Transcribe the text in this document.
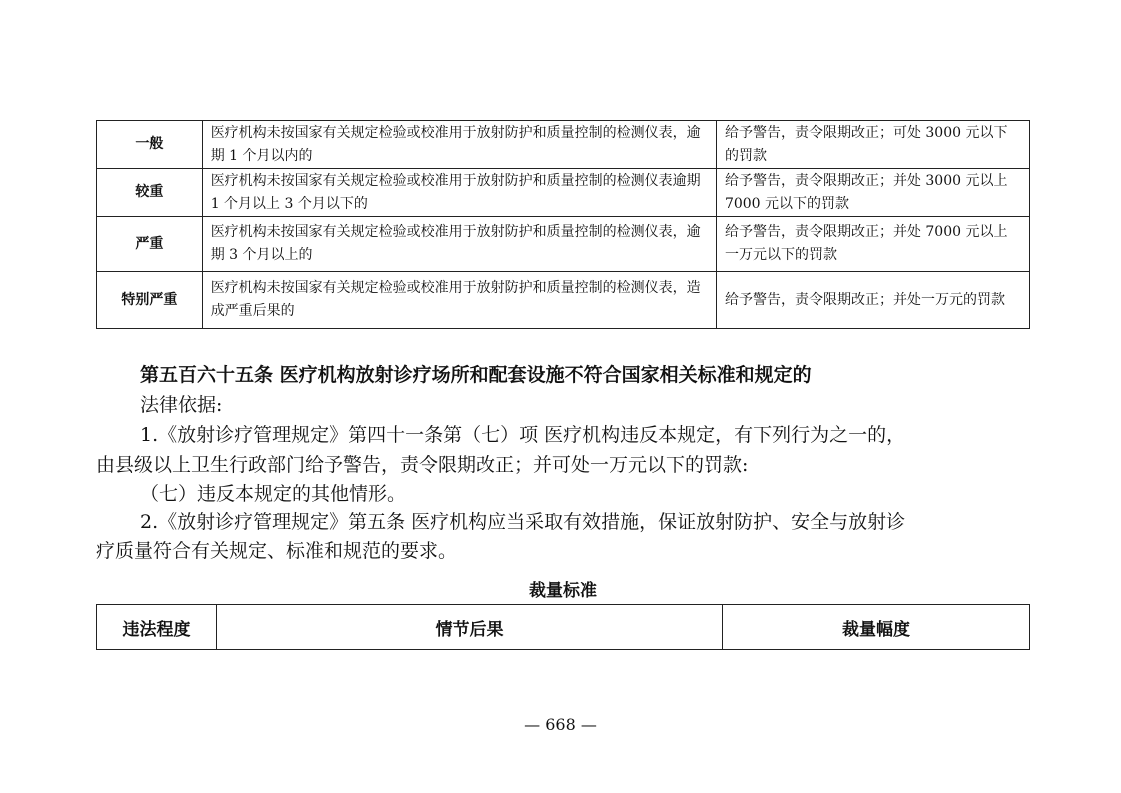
一般	医疗机构未按国家有关规定检验或校准用于放射防护和质量控制的检测仪表，逾期 1 个月以内的	给予警告，责令限期改正；可处 3000 元以下的罚款
较重	医疗机构未按国家有关规定检验或校准用于放射防护和质量控制的检测仪表逾期 1 个月以上 3 个月以下的	给予警告，责令限期改正；并处 3000 元以上 7000 元以下的罚款
严重	医疗机构未按国家有关规定检验或校准用于放射防护和质量控制的检测仪表，逾期 3 个月以上的	给予警告，责令限期改正；并处 7000 元以上一万元以下的罚款
特别严重	医疗机构未按国家有关规定检验或校准用于放射防护和质量控制的检测仪表，造成严重后果的	给予警告，责令限期改正；并处一万元的罚款

第五百六十五条 医疗机构放射诊疗场所和配套设施不符合国家相关标准和规定的

法律依据:

1.《放射诊疗管理规定》第四十一条第（七）项 医疗机构违反本规定，有下列行为之一的，

由县级以上卫生行政部门给予警告，责令限期改正；并可处一万元以下的罚款:

（七）违反本规定的其他情形。

2.《放射诊疗管理规定》第五条 医疗机构应当采取有效措施，保证放射防护、安全与放射诊

疗质量符合有关规定、标准和规范的要求。

裁量标准
违法程度	情节后果	裁量幅度
— 668 —
